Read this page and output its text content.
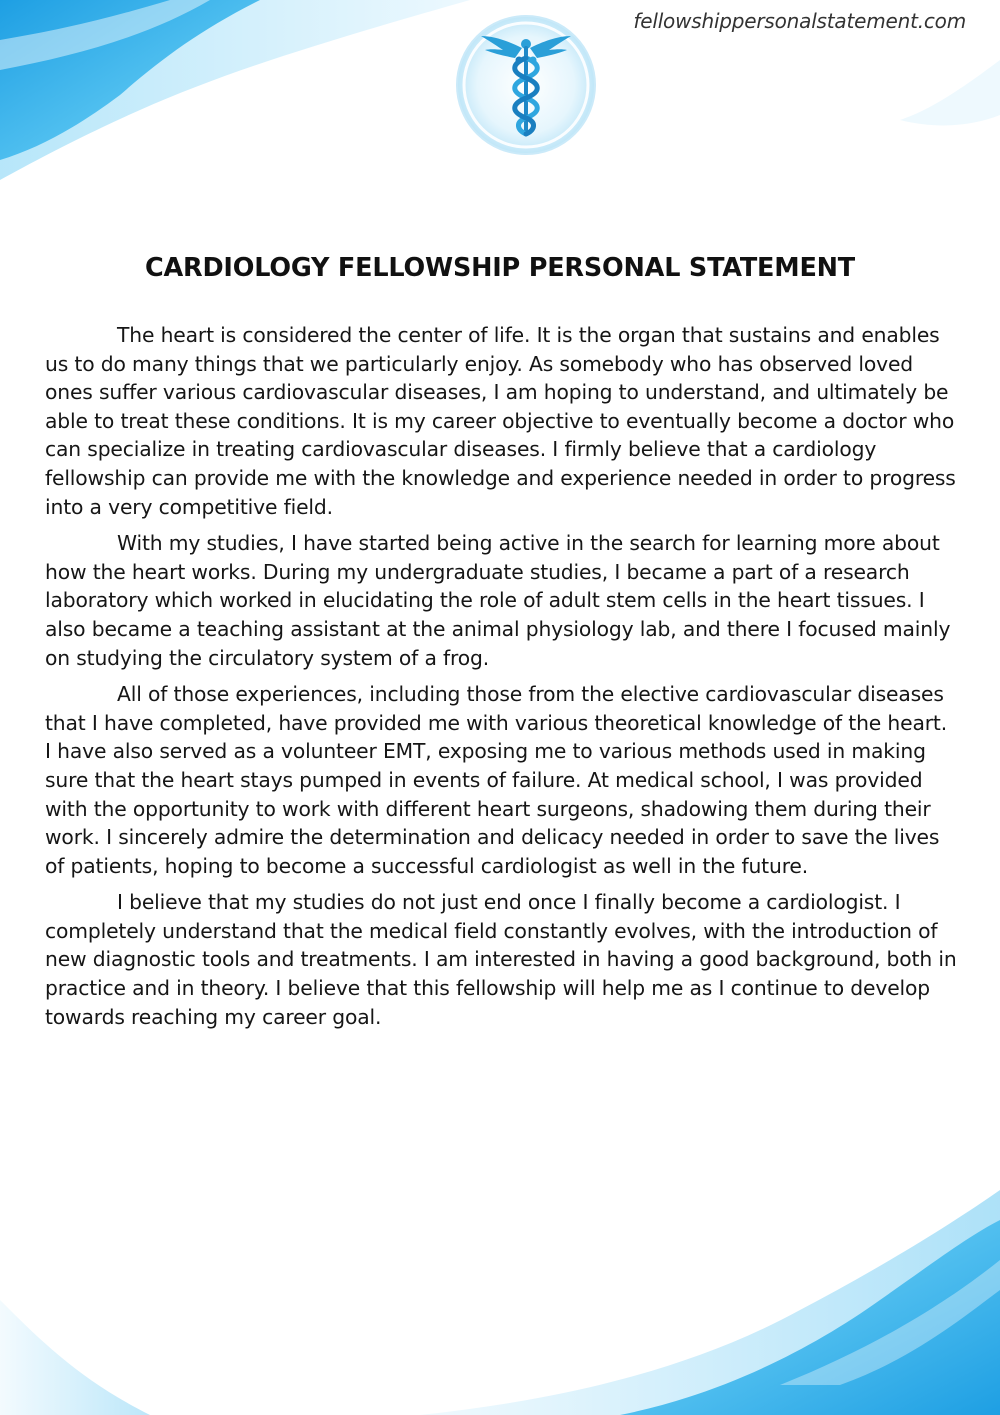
fellowshippersonalstatement.com
CARDIOLOGY FELLOWSHIP PERSONAL STATEMENT

The heart is considered the center of life. It is the organ that sustains and enables us to do many things that we particularly enjoy. As somebody who has observed loved ones suffer various cardiovascular diseases, I am hoping to understand, and ultimately be able to treat these conditions. It is my career objective to eventually become a doctor who can specialize in treating cardiovascular diseases. I firmly believe that a cardiology fellowship can provide me with the knowledge and experience needed in order to progress into a very competitive field.

With my studies, I have started being active in the search for learning more about how the heart works. During my undergraduate studies, I became a part of a research laboratory which worked in elucidating the role of adult stem cells in the heart tissues. I also became a teaching assistant at the animal physiology lab, and there I focused mainly on studying the circulatory system of a frog.

All of those experiences, including those from the elective cardiovascular diseases that I have completed, have provided me with various theoretical knowledge of the heart. I have also served as a volunteer EMT, exposing me to various methods used in making sure that the heart stays pumped in events of failure. At medical school, I was provided with the opportunity to work with different heart surgeons, shadowing them during their work. I sincerely admire the determination and delicacy needed in order to save the lives of patients, hoping to become a successful cardiologist as well in the future.

I believe that my studies do not just end once I finally become a cardiologist. I completely understand that the medical field constantly evolves, with the introduction of new diagnostic tools and treatments. I am interested in having a good background, both in practice and in theory. I believe that this fellowship will help me as I continue to develop towards reaching my career goal.
